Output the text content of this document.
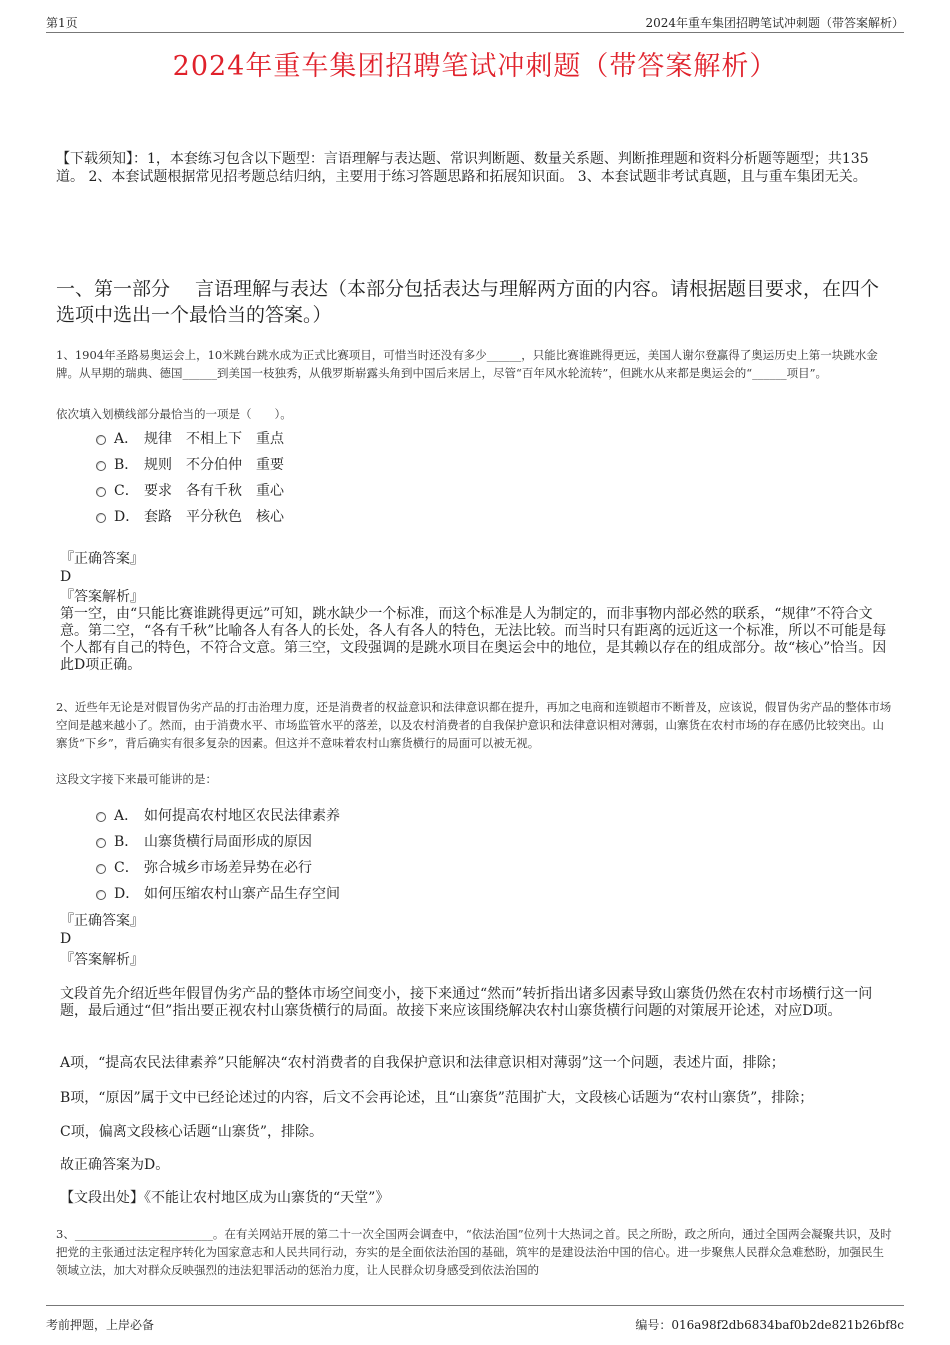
第1页	2024年重车集团招聘笔试冲刺题（带答案解析）
2024年重车集团招聘笔试冲刺题（带答案解析）

【下载须知】：1，本套练习包含以下题型：言语理解与表达题、常识判断题、数量关系题、判断推理题和资料分析题等题型；共135道。 2、本套试题根据常见招考题总结归纳，主要用于练习答题思路和拓展知识面。 3、本套试题非考试真题，且与重车集团无关。

一、第一部分　 言语理解与表达（本部分包括表达与理解两方面的内容。请根据题目要求，在四个选项中选出一个最恰当的答案。）

1、1904年圣路易奥运会上，10米跳台跳水成为正式比赛项目，可惜当时还没有多少______，只能比赛谁跳得更远，美国人谢尔登赢得了奥运历史上第一块跳水金牌。从早期的瑞典、德国______到美国一枝独秀，从俄罗斯崭露头角到中国后来居上，尽管“百年风水轮流转”，但跳水从来都是奥运会的“______项目”。

依次填入划横线部分最恰当的一项是（　　）。

A． 规律　不相上下　重点
B． 规则　不分伯仲　重要
C． 要求　各有千秋　重心
D． 套路　平分秋色　核心
『正确答案』
D
『答案解析』
第一空，由“只能比赛谁跳得更远”可知，跳水缺少一个标准，而这个标准是人为制定的，而非事物内部必然的联系，“规律”不符合文意。第二空，“各有千秋”比喻各人有各人的长处，各人有各人的特色，无法比较。而当时只有距离的远近这一个标准，所以不可能是每个人都有自己的特色，不符合文意。第三空，文段强调的是跳水项目在奥运会中的地位，是其赖以存在的组成部分。故“核心”恰当。因此D项正确。

2、近些年无论是对假冒伪劣产品的打击治理力度，还是消费者的权益意识和法律意识都在提升，再加之电商和连锁超市不断普及，应该说，假冒伪劣产品的整体市场空间是越来越小了。然而，由于消费水平、市场监管水平的落差，以及农村消费者的自我保护意识和法律意识相对薄弱，山寨货在农村市场的存在感仍比较突出。山寨货“下乡”，背后确实有很多复杂的因素。但这并不意味着农村山寨货横行的局面可以被无视。

这段文字接下来最可能讲的是：

A． 如何提高农村地区农民法律素养
B． 山寨货横行局面形成的原因
C． 弥合城乡市场差异势在必行
D． 如何压缩农村山寨产品生存空间
『正确答案』
D
『答案解析』
文段首先介绍近些年假冒伪劣产品的整体市场空间变小，接下来通过“然而”转折指出诸多因素导致山寨货仍然在农村市场横行这一问题，最后通过“但”指出要正视农村山寨货横行的局面。故接下来应该围绕解决农村山寨货横行问题的对策展开论述，对应D项。
A项，“提高农民法律素养”只能解决“农村消费者的自我保护意识和法律意识相对薄弱”这一个问题，表述片面，排除；
B项，“原因”属于文中已经论述过的内容，后文不会再论述，且“山寨货”范围扩大，文段核心话题为“农村山寨货”，排除；
C项，偏离文段核心话题“山寨货”，排除。
故正确答案为D。
【文段出处】《不能让农村地区成为山寨货的“天堂”》

3、________________________。在有关网站开展的第二十一次全国两会调查中，“依法治国”位列十大热词之首。民之所盼，政之所向，通过全国两会凝聚共识，及时把党的主张通过法定程序转化为国家意志和人民共同行动，夯实的是全面依法治国的基础，筑牢的是建设法治中国的信心。进一步聚焦人民群众急难愁盼，加强民生领域立法，加大对群众反映强烈的违法犯罪活动的惩治力度，让人民群众切身感受到依法治国的

考前押题，上岸必备	编号：016a98f2db6834baf0b2de821b26bf8c
